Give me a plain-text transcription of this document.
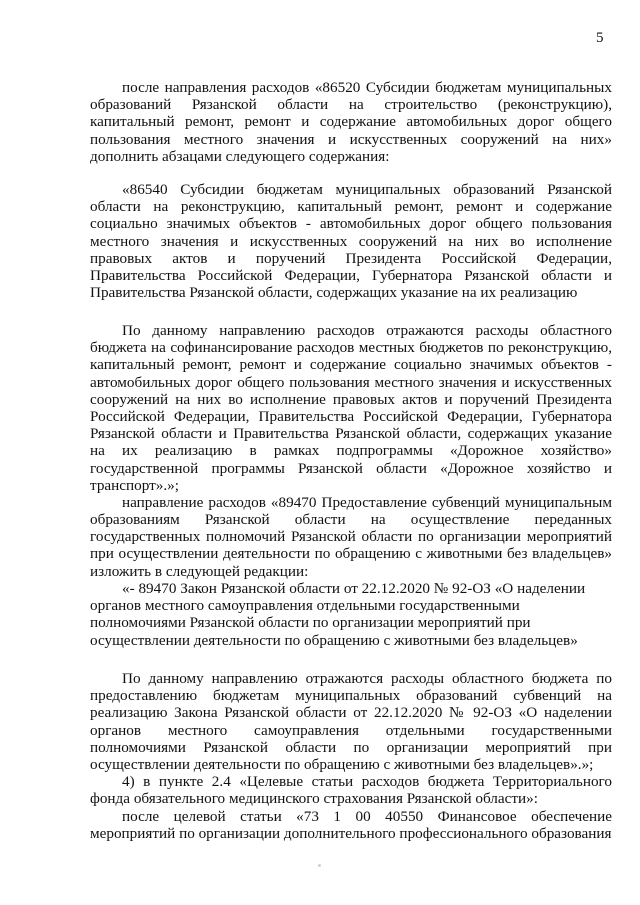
5
после направления расходов «86520 Субсидии бюджетам муниципальных
образований Рязанской области на строительство (реконструкцию),
капитальный ремонт, ремонт и содержание автомобильных дорог общего
пользования местного значения и искусственных сооружений на них»
дополнить абзацами следующего содержания:
«86540 Субсидии бюджетам муниципальных образований Рязанской
области на реконструкцию, капитальный ремонт, ремонт и содержание
социально значимых объектов - автомобильных дорог общего пользования
местного значения и искусственных сооружений на них во исполнение
правовых актов и поручений Президента Российской Федерации,
Правительства Российской Федерации, Губернатора Рязанской области и
Правительства Рязанской области, содержащих указание на их реализацию
По данному направлению расходов отражаются расходы областного
бюджета на софинансирование расходов местных бюджетов по реконструкцию,
капитальный ремонт, ремонт и содержание социально значимых объектов -
автомобильных дорог общего пользования местного значения и искусственных
сооружений на них во исполнение правовых актов и поручений Президента
Российской Федерации, Правительства Российской Федерации, Губернатора
Рязанской области и Правительства Рязанской области, содержащих указание
на их реализацию в рамках подпрограммы «Дорожное хозяйство»
государственной программы Рязанской области «Дорожное хозяйство и
транспорт».»;
направление расходов «89470 Предоставление субвенций муниципальным
образованиям Рязанской области на осуществление переданных
государственных полномочий Рязанской области по организации мероприятий
при осуществлении деятельности по обращению с животными без владельцев»
изложить в следующей редакции:
«- 89470 Закон Рязанской области от 22.12.2020 № 92-ОЗ «О наделении
органов местного самоуправления отдельными государственными
полномочиями Рязанской области по организации мероприятий при
осуществлении деятельности по обращению с животными без владельцев»
По данному направлению отражаются расходы областного бюджета по
предоставлению бюджетам муниципальных образований субвенций на
реализацию Закона Рязанской области от 22.12.2020 № 92-ОЗ «О наделении
органов местного самоуправления отдельными государственными
полномочиями Рязанской области по организации мероприятий при
осуществлении деятельности по обращению с животными без владельцев».»;
4) в пункте 2.4 «Целевые статьи расходов бюджета Территориального
фонда обязательного медицинского страхования Рязанской области»:
после целевой статьи «73 1 00 40550 Финансовое обеспечение
мероприятий по организации дополнительного профессионального образования
